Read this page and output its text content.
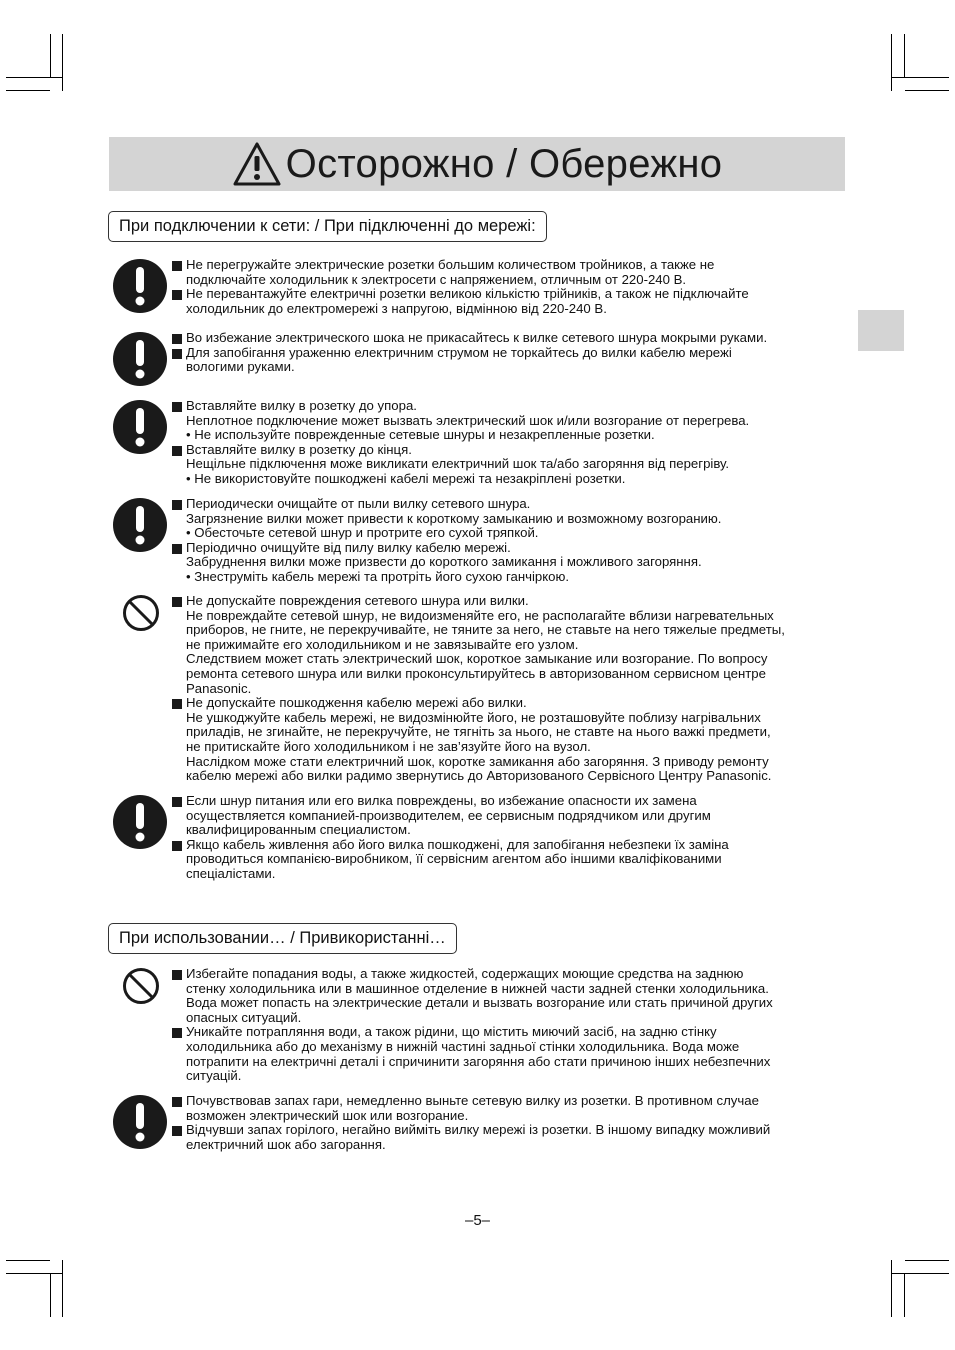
Осторожно / Обережно
При подключении к сети: / При підключенні до мережі:
Не перегружайте электрические розетки большим количеством тройников, а также не
подключайте холодильник к электросети с напряжением, отличным от 220-240 В.
Не перевантажуйте електричні розетки великою кількістю трійників, а також не підключайте
холодильник до електромережі з напругою, відмінною від 220-240 В.
Во избежание электрического шока не прикасайтесь к вилке сетевого шнура мокрыми руками.
Для запобігання ураженню електричним струмом не торкайтесь до вилки кабелю мережі
вологими руками.
Вставляйте вилку в розетку до упора.
Неплотное подключение может вызвать электрический шок и/или возгорание от перегрева.
• Не используйте поврежденные сетевые шнуры и незакрепленные розетки.
Вставляйте вилку в розетку до кінця.
Нещільне підключення може викликати електричний шок та/або загоряння від перегріву.
• Не використовуйте пошкоджені кабелі мережі та незакріплені розетки.
Периодически очищайте от пыли вилку сетевого шнура.
Загрязнение вилки может привести к короткому замыканию и возможному возгоранию.
• Обесточьте сетевой шнур и протрите его сухой тряпкой.
Періодично очищуйте від пилу вилку кабелю мережі.
Забруднення вилки може призвести до короткого замикання і можливого загоряння.
• Знеструміть кабель мережі та протріть його сухою ганчіркою.
Не допускайте повреждения сетевого шнура или вилки.
Не повреждайте сетевой шнур, не видоизменяйте его, не располагайте вблизи нагревательных
приборов, не гните, не перекручивайте, не тяните за него, не ставьте на него тяжелые предметы,
не прижимайте его холодильником и не завязывайте его узлом.
Следствием может стать электрический шок, короткое замыкание или возгорание. По вопросу
ремонта сетевого шнура или вилки проконсультируйтесь в авторизованном сервисном центре
Panasonic.
Не допускайте пошкодження кабелю мережі або вилки.
Не ушкоджуйте кабель мережі, не видозмінюйте його, не розташовуйте поблизу нагрівальних
приладів, не згинайте, не перекручуйте, не тягніть за нього, не ставте на нього важкі предмети,
не притискайте його холодильником і не зав’язуйте його на вузол.
Наслідком може стати електричний шок, коротке замикання або загоряння. З приводу ремонту
кабелю мережі або вилки радимо звернутись до Авторизованого Сервісного Центру Panasonic.
Если шнур питания или его вилка повреждены, во избежание опасности их замена
осуществляется компанией-производителем, ее сервисным подрядчиком или другим
квалифицированным специалистом.
Якщо кабель живлення або його вилка пошкоджені, для запобігання небезпеки їх заміна
проводиться компанією-виробником, її сервісним агентом або іншими кваліфікованими
спеціалістами.
При использовании… / Привикористанні…
Избегайте попадания воды, а также жидкостей, содержащих моющие средства на заднюю
стенку холодильника или в машинное отделение в нижней части задней стенки холодильника.
Вода может попасть на электрические детали и вызвать возгорание или стать причиной других
опасных ситуаций.
Уникайте потрапляння води, а також рідини, що містить миючий засіб, на задню стінку
холодильника або до механізму в нижній частині задньої стінки холодильника. Вода може
потрапити на електричні деталі і спричинити загоряння або стати причиною інших небезпечних
ситуацій.
Почувствовав запах гари, немедленно выньте сетевую вилку из розетки. В противном случае
возможен электрический шок или возгорание.
Відчувши запах горілого, негайно вийміть вилку мережі із розетки. В іншому випадку можливий
електричний шок або загорання.
–5–
